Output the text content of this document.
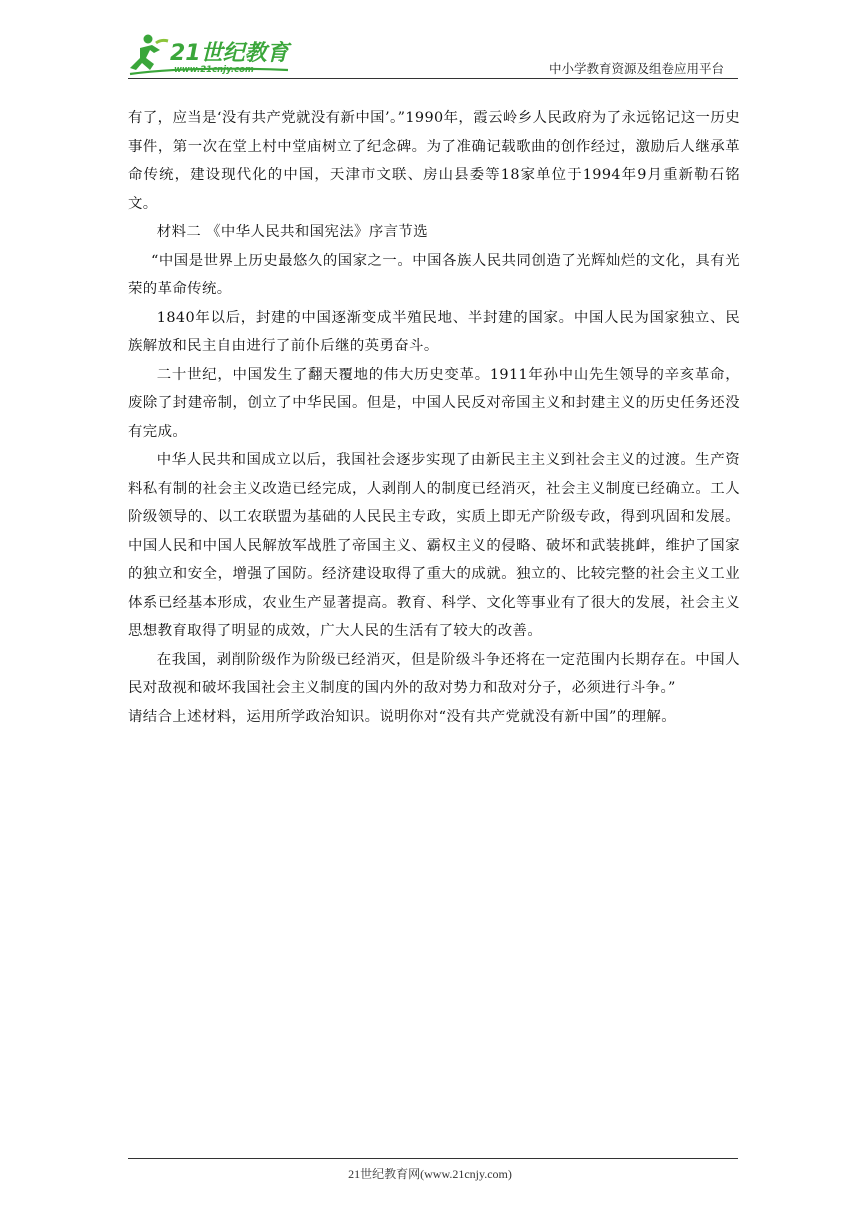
21世纪教育
www.21cnjy.com	中小学教育资源及组卷应用平台

有了，应当是‘没有共产党就没有新中国’。”1990年，霞云岭乡人民政府为了永远铭记这一历史事件，第一次在堂上村中堂庙树立了纪念碑。为了准确记载歌曲的创作经过，激励后人继承革命传统，建设现代化的中国，天津市文联、房山县委等18家单位于1994年9月重新勒石铭文。

材料二 《中华人民共和国宪法》序言节选

“中国是世界上历史最悠久的国家之一。中国各族人民共同创造了光辉灿烂的文化，具有光荣的革命传统。

1840年以后，封建的中国逐渐变成半殖民地、半封建的国家。中国人民为国家独立、民族解放和民主自由进行了前仆后继的英勇奋斗。

二十世纪，中国发生了翻天覆地的伟大历史变革。1911年孙中山先生领导的辛亥革命，废除了封建帝制，创立了中华民国。但是，中国人民反对帝国主义和封建主义的历史任务还没有完成。

中华人民共和国成立以后，我国社会逐步实现了由新民主主义到社会主义的过渡。生产资料私有制的社会主义改造已经完成，人剥削人的制度已经消灭，社会主义制度已经确立。工人阶级领导的、以工农联盟为基础的人民民主专政，实质上即无产阶级专政，得到巩固和发展。中国人民和中国人民解放军战胜了帝国主义、霸权主义的侵略、破坏和武装挑衅，维护了国家的独立和安全，增强了国防。经济建设取得了重大的成就。独立的、比较完整的社会主义工业体系已经基本形成，农业生产显著提高。教育、科学、文化等事业有了很大的发展，社会主义思想教育取得了明显的成效，广大人民的生活有了较大的改善。

在我国，剥削阶级作为阶级已经消灭，但是阶级斗争还将在一定范围内长期存在。中国人民对敌视和破坏我国社会主义制度的国内外的敌对势力和敌对分子，必须进行斗争。”

请结合上述材料，运用所学政治知识。说明你对“没有共产党就没有新中国”的理解。

21世纪教育网(www.21cnjy.com)
